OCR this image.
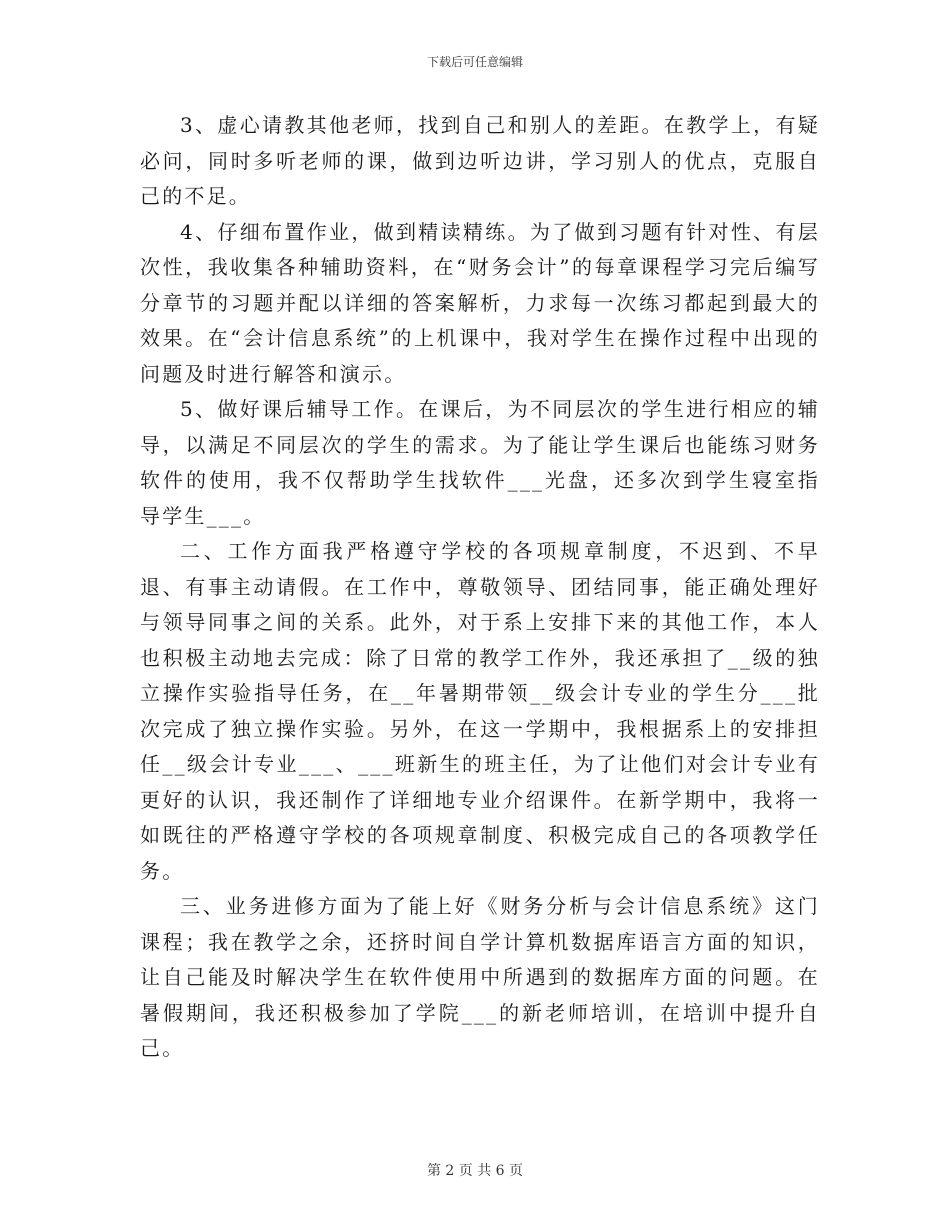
下载后可任意编辑

3、虚心请教其他老师，找到自己和别人的差距。在教学上，有疑必问，同时多听老师的课，做到边听边讲，学习别人的优点，克服自己的不足。

4、仔细布置作业，做到精读精练。为了做到习题有针对性、有层次性，我收集各种辅助资料，在“财务会计”的每章课程学习完后编写分章节的习题并配以详细的答案解析，力求每一次练习都起到最大的效果。在“会计信息系统”的上机课中，我对学生在操作过程中出现的问题及时进行解答和演示。

5、做好课后辅导工作。在课后，为不同层次的学生进行相应的辅导，以满足不同层次的学生的需求。为了能让学生课后也能练习财务软件的使用，我不仅帮助学生找软件___光盘，还多次到学生寝室指导学生___。

二、工作方面我严格遵守学校的各项规章制度，不迟到、不早退、有事主动请假。在工作中，尊敬领导、团结同事，能正确处理好与领导同事之间的关系。此外，对于系上安排下来的其他工作，本人也积极主动地去完成：除了日常的教学工作外，我还承担了__级的独立操作实验指导任务，在__年暑期带领__级会计专业的学生分___批次完成了独立操作实验。另外，在这一学期中，我根据系上的安排担任__级会计专业___、___班新生的班主任，为了让他们对会计专业有更好的认识，我还制作了详细地专业介绍课件。在新学期中，我将一如既往的严格遵守学校的各项规章制度、积极完成自己的各项教学任务。

三、业务进修方面为了能上好《财务分析与会计信息系统》这门课程；我在教学之余，还挤时间自学计算机数据库语言方面的知识，让自己能及时解决学生在软件使用中所遇到的数据库方面的问题。在暑假期间，我还积极参加了学院___的新老师培训，在培训中提升自己。

第 2 页 共 6 页
